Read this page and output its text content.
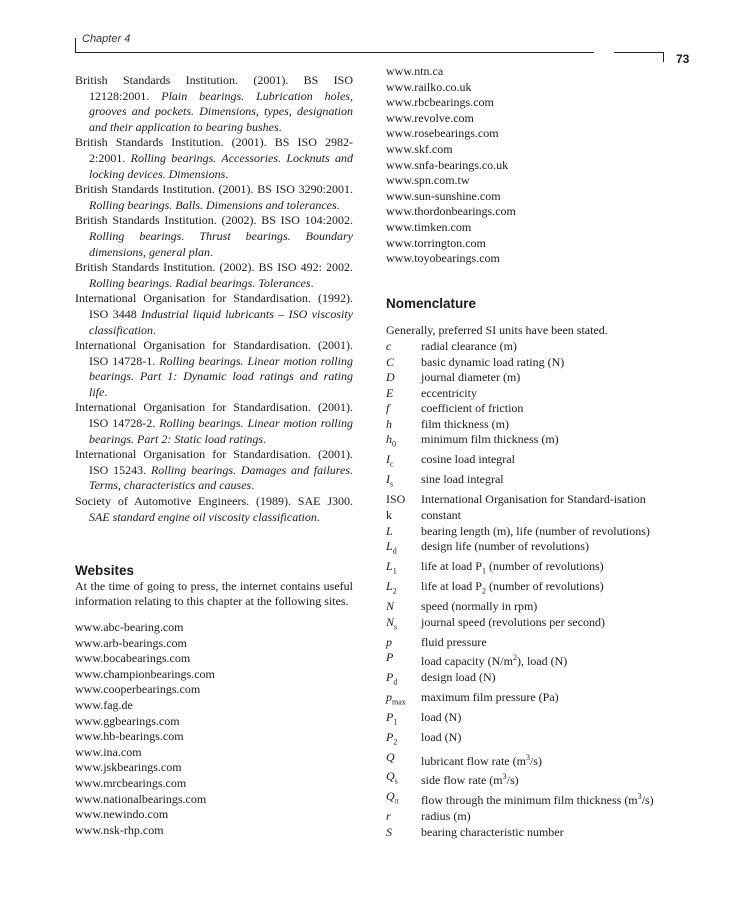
Chapter 4
73

British Standards Institution. (2001). BS ISO 12128:2001. Plain bearings. Lubrication holes, grooves and pockets. Dimensions, types, designation and their application to bearing bushes.

British Standards Institution. (2001). BS ISO 2982-2:2001. Rolling bearings. Accessories. Locknuts and locking devices. Dimensions.

British Standards Institution. (2001). BS ISO 3290:2001. Rolling bearings. Balls. Dimensions and tolerances.

British Standards Institution. (2002). BS ISO 104:2002. Rolling bearings. Thrust bearings. Boundary dimensions, general plan.

British Standards Institution. (2002). BS ISO 492: 2002. Rolling bearings. Radial bearings. Tolerances.

International Organisation for Standardisation. (1992). ISO 3448 Industrial liquid lubricants – ISO viscosity classification.

International Organisation for Standardisation. (2001). ISO 14728-1. Rolling bearings. Linear motion rolling bearings. Part 1: Dynamic load ratings and rating life.

International Organisation for Standardisation. (2001). ISO 14728-2. Rolling bearings. Linear motion rolling bearings. Part 2: Static load ratings.

International Organisation for Standardisation. (2001). ISO 15243. Rolling bearings. Damages and failures. Terms, characteristics and causes.

Society of Automotive Engineers. (1989). SAE J300. SAE standard engine oil viscosity classification.

Websites

At the time of going to press, the internet contains useful information relating to this chapter at the following sites.

www.abc-bearing.com
www.arb-bearings.com
www.bocabearings.com
www.championbearings.com
www.cooperbearings.com
www.fag.de
www.ggbearings.com
www.hb-bearings.com
www.ina.com
www.jskbearings.com
www.mrcbearings.com
www.nationalbearings.com
www.newindo.com
www.nsk-rhp.com
www.ntn.ca
www.railko.co.uk
www.rbcbearings.com
www.revolve.com
www.rosebearings.com
www.skf.com
www.snfa-bearings.co.uk
www.spn.com.tw
www.sun-sunshine.com
www.thordonbearings.com
www.timken.com
www.torrington.com
www.toyobearings.com
Nomenclature

Generally, preferred SI units have been stated.

c	radial clearance (m)
C	basic dynamic load rating (N)
D	journal diameter (m)
E	eccentricity
f	coefficient of friction
h	film thickness (m)
$h_0$	minimum film thickness (m)
$I_c$	cosine load integral
$I_s$	sine load integral
ISO	International Organisation for Standard-isation
k	constant
L	bearing length (m), life (number of revolutions)
$L_d$	design life (number of revolutions)
$L_1$	life at load $P_1$ (number of revolutions)
$L_2$	life at load $P_2$ (number of revolutions)
N	speed (normally in rpm)
$N_s$	journal speed (revolutions per second)
p	fluid pressure
P	load capacity $(N/m^2)$, load (N)
$P_d$	design load (N)
$p_{max}$	maximum film pressure (Pa)
$P_1$	load (N)
$P_2$	load (N)
Q	lubricant flow rate $(m^3/s)$
$Q_s$	side flow rate $(m^3/s)$
$Q_\pi$	flow through the minimum film thickness $(m^3/s)$
r	radius (m)
S	bearing characteristic number
